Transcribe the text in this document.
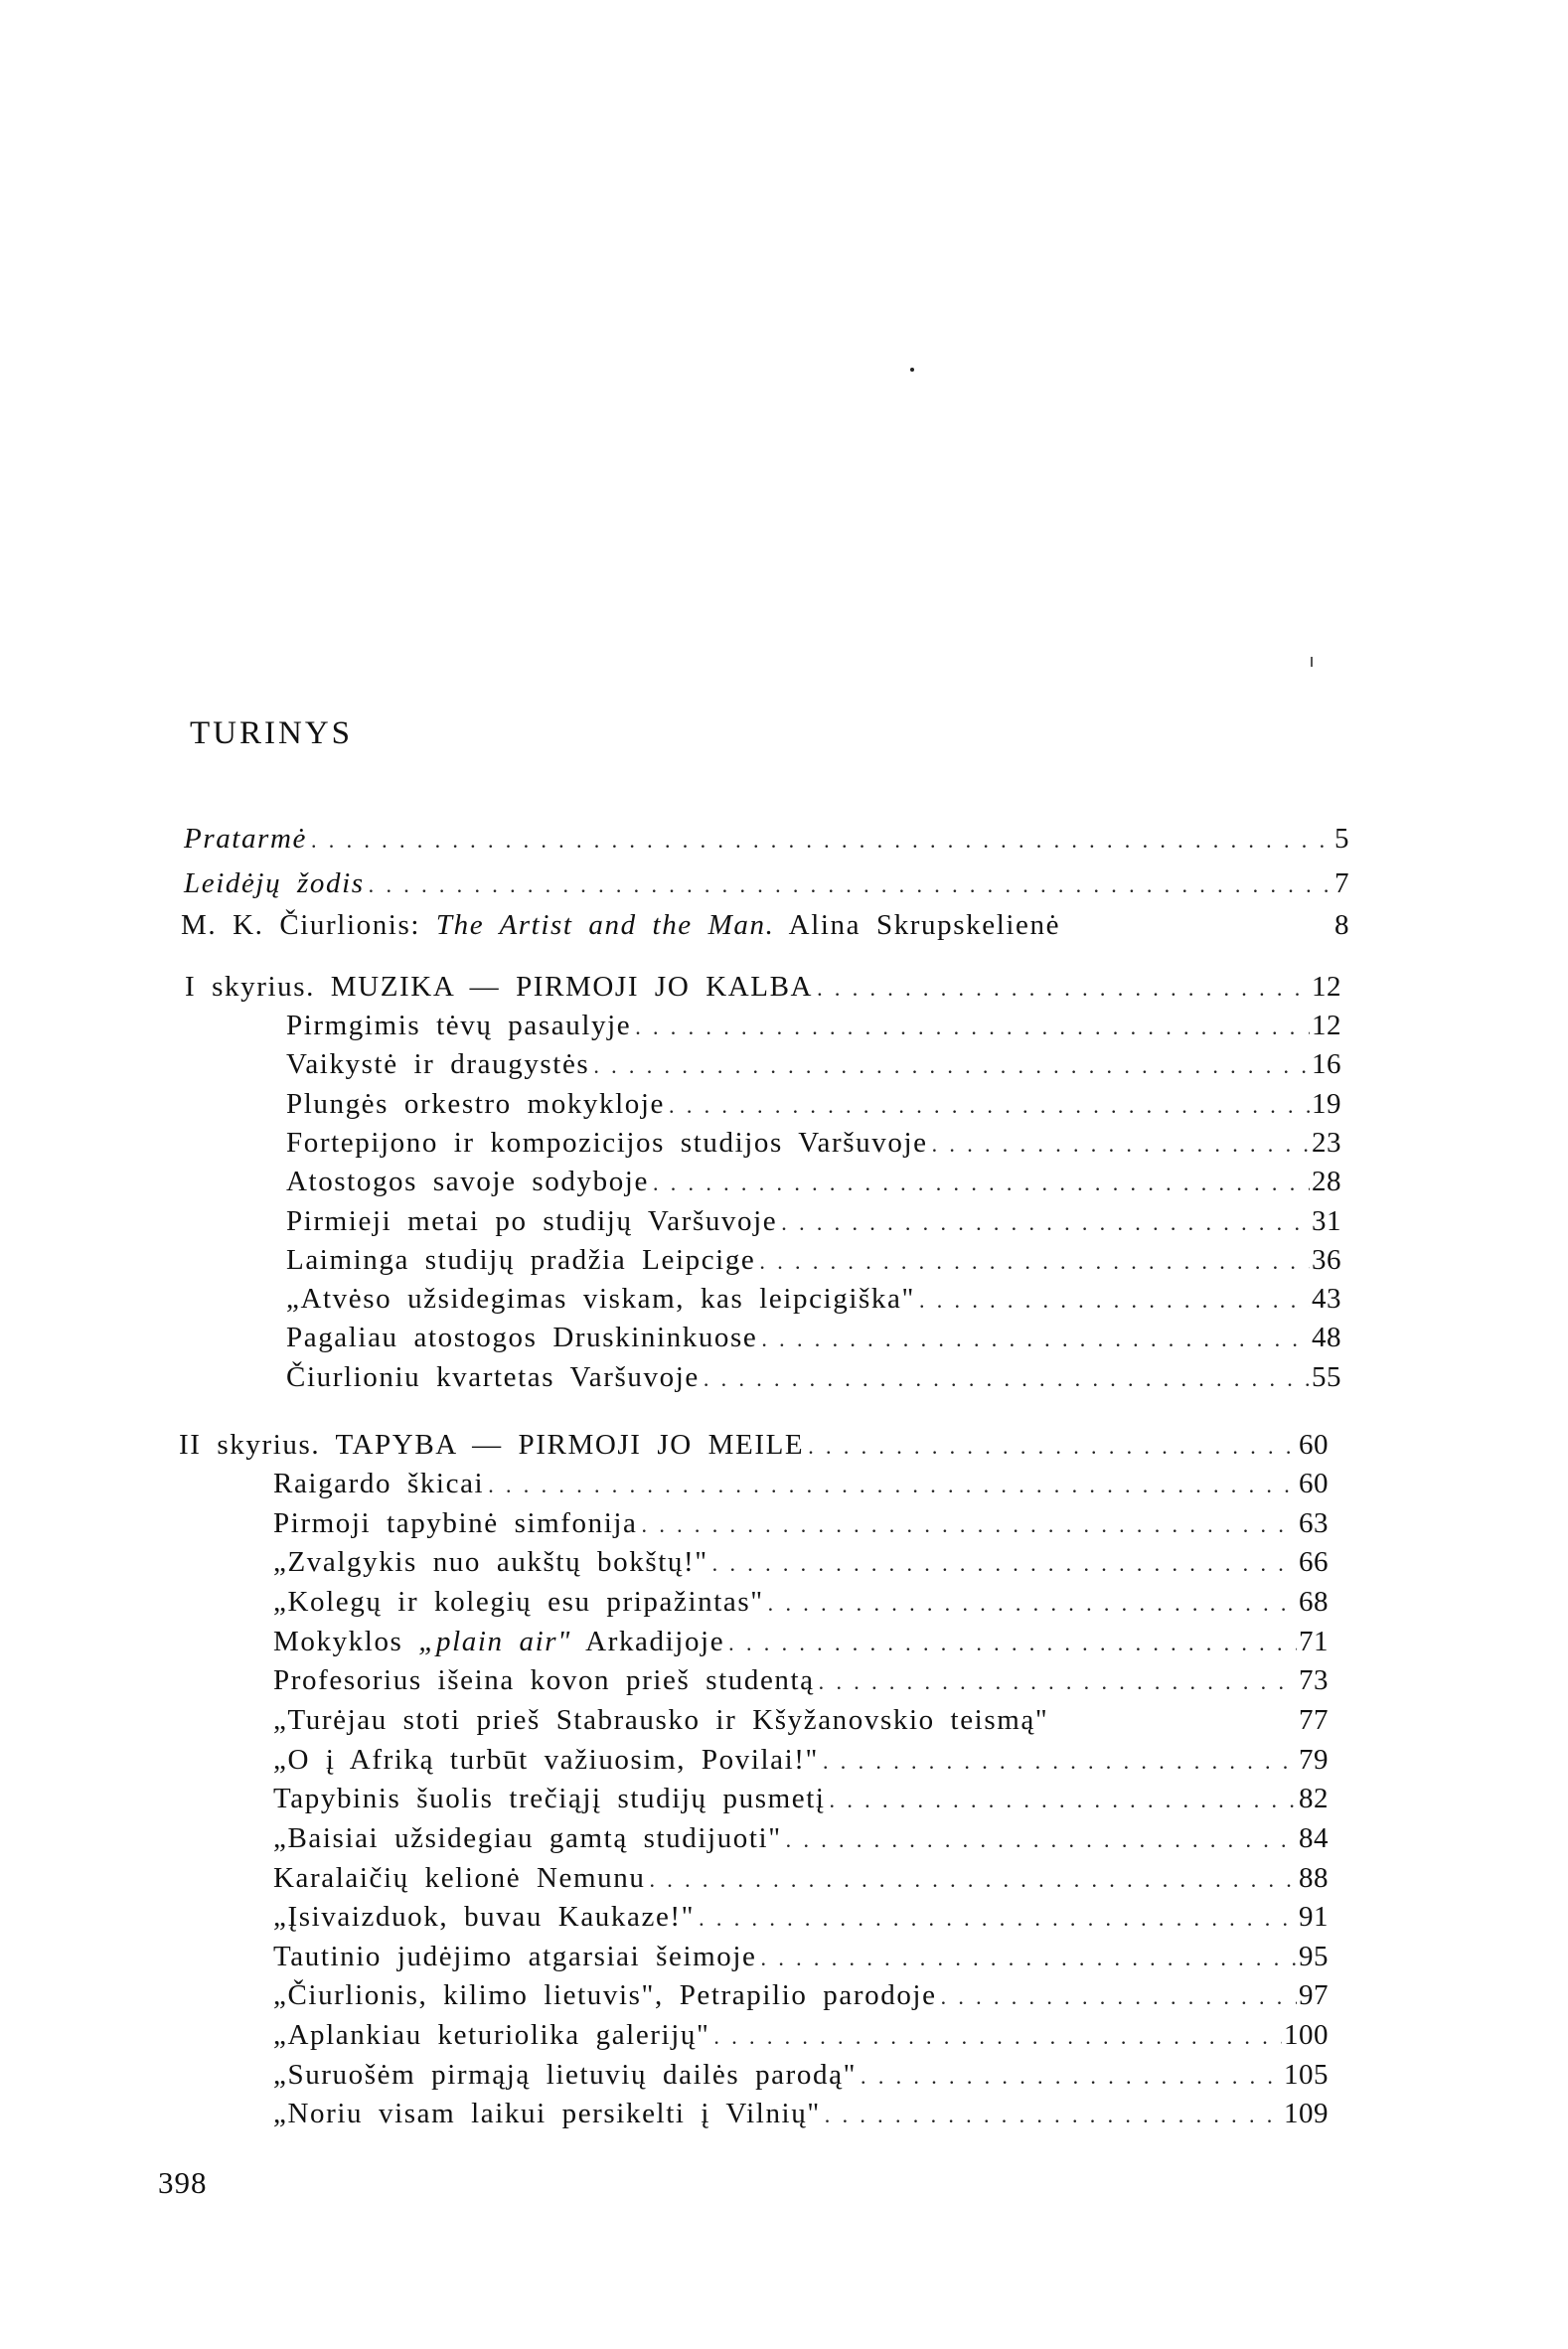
TURINYS
Pratarmė . . .	5
Leidėjų žodis . . .	7
M. K. Čiurlionis: The Artist and the Man. Alina Skrupskelienė	8
I skyrius. MUZIKA — PIRMOJI JO KALBA . . .	12
Pirmgimis tėvų pasaulyje . . .	12
Vaikystė ir draugystės . . .	16
Plungės orkestro mokykloje . . .	19
Fortepijono ir kompozicijos studijos Varšuvoje . . .	23
Atostogos savoje sodyboje . . .	28
Pirmieji metai po studijų Varšuvoje . . .	31
Laiminga studijų pradžia Leipcige . . .	36
„Atvėso užsidegimas viskam, kas leipcigiška" . . .	43
Pagaliau atostogos Druskininkuose . . .	48
Čiurlioniu kvartetas Varšuvoje . . .	55
II skyrius. TAPYBA — PIRMOJI JO MEILE . . .	60
Raigardo škicai . . .	60
Pirmoji tapybinė simfonija . . .	63
„Zvalgykis nuo aukštų bokštų!" . . .	66
„Kolegų ir kolegių esu pripažintas" . . .	68
Mokyklos „plain air" Arkadijoje . . .	71
Profesorius išeina kovon prieš studentą . . .	73
„Turėjau stoti prieš Stabrausko ir Kšyžanovskio teismą"	77
„O į Afriką turbūt važiuosim, Povilai!" . . .	79
Tapybinis šuolis trečiąjį studijų pusmetį . . .	82
„Baisiai užsidegiau gamtą studijuoti" . . .	84
Karalaičių kelionė Nemunu . . .	88
„Įsivaizduok, buvau Kaukaze!" . . .	91
Tautinio judėjimo atgarsiai šeimoje . . .	95
„Čiurlionis, kilimo lietuvis", Petrapilio parodoje . . .	97
„Aplankiau keturiolika galerijų" . . .	100
„Suruošėm pirmąją lietuvių dailės parodą" . . .	105
„Noriu visam laikui persikelti į Vilnių" . . .	109
398
